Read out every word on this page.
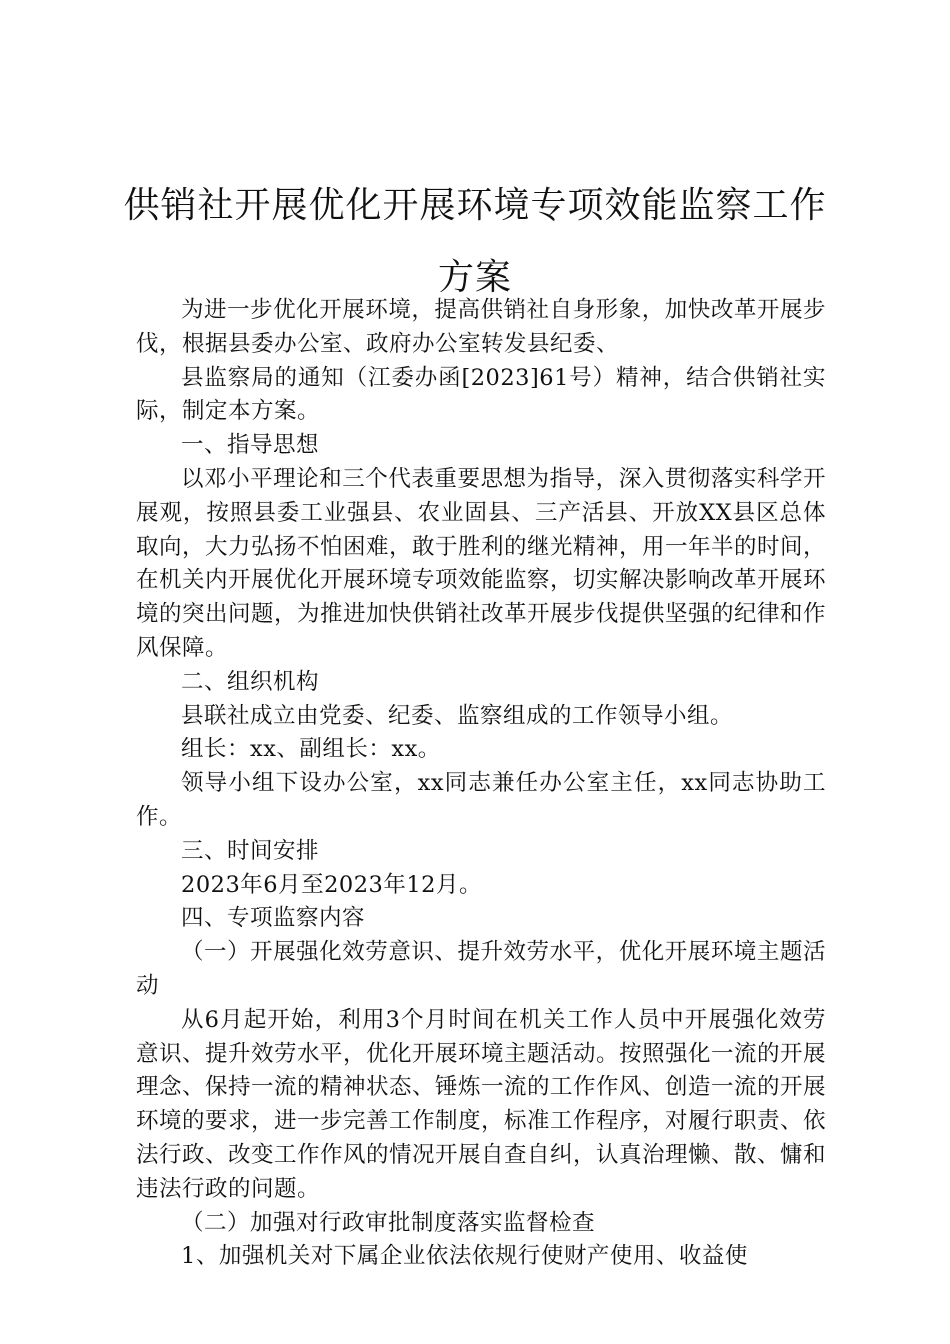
供销社开展优化开展环境专项效能监察工作方案

为进一步优化开展环境，提高供销社自身形象，加快改革开展步伐，根据县委办公室、政府办公室转发县纪委、

县监察局的通知（江委办函[2023]61号）精神，结合供销社实际，制定本方案。

一、指导思想

以邓小平理论和三个代表重要思想为指导，深入贯彻落实科学开展观，按照县委工业强县、农业固县、三产活县、开放XX县区总体取向，大力弘扬不怕困难，敢于胜利的继光精神，用一年半的时间，在机关内开展优化开展环境专项效能监察，切实解决影响改革开展环境的突出问题，为推进加快供销社改革开展步伐提供坚强的纪律和作风保障。

二、组织机构

县联社成立由党委、纪委、监察组成的工作领导小组。

组长：xx、副组长：xx。

领导小组下设办公室，xx同志兼任办公室主任，xx同志协助工作。

三、时间安排

2023年6月至2023年12月。

四、专项监察内容

（一）开展强化效劳意识、提升效劳水平，优化开展环境主题活动

从6月起开始，利用3个月时间在机关工作人员中开展强化效劳意识、提升效劳水平，优化开展环境主题活动。按照强化一流的开展理念、保持一流的精神状态、锤炼一流的工作作风、创造一流的开展环境的要求，进一步完善工作制度，标准工作程序，对履行职责、依法行政、改变工作作风的情况开展自查自纠，认真治理懒、散、慵和违法行政的问题。

（二）加强对行政审批制度落实监督检查

1、加强机关对下属企业依法依规行使财产使用、收益使
